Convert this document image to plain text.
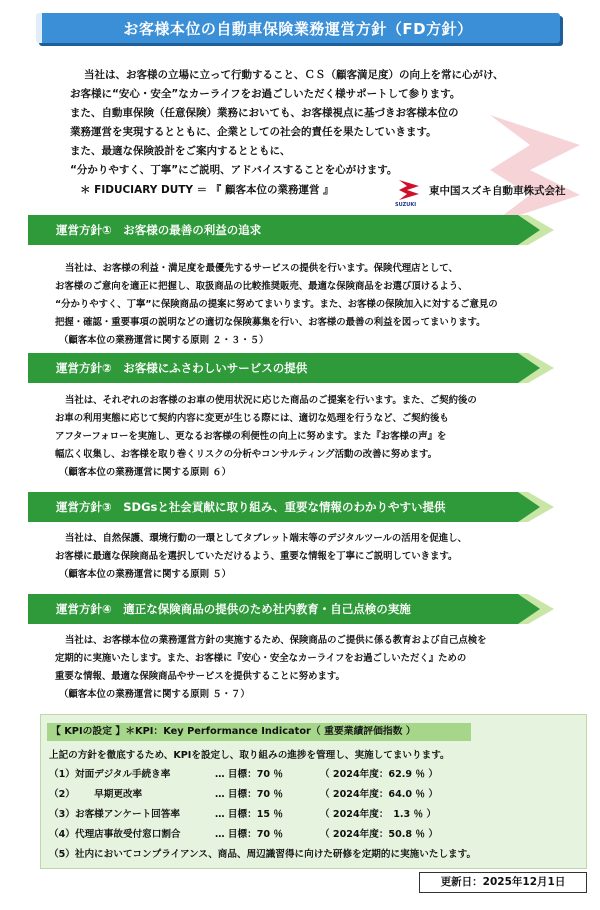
お客様本位の自動車保険業務運営方針（FD方針）
当社は、お客様の立場に立って行動すること、ＣＳ（顧客満足度）の向上を常に心がけ、
お客様に“安心・安全”なカーライフをお過ごしいただく様サポートして参ります。
また、自動車保険（任意保険）業務においても、お客様視点に基づきお客様本位の
業務運営を実現するとともに、企業としての社会的責任を果たしていきます。
また、最適な保険設計をご案内するとともに、
“分かりやすく、丁寧”にご説明、アドバイスすることを心がけます。
＊ FIDUCIARY DUTY ＝ 『 顧客本位の業務運営 』	東中国スズキ自動車株式会社
SUZUKI
運営方針①　お客様の最善の利益の追求
当社は、お客様の利益・満足度を最優先するサービスの提供を行います。保険代理店として、
お客様のご意向を適正に把握し、取扱商品の比較推奨販売、最適な保険商品をお選び頂けるよう、
“分かりやすく、丁寧”に保険商品の提案に努めてまいります。また、お客様の保険加入に対するご意見の
把握・確認・重要事項の説明などの適切な保険募集を行い、お客様の最善の利益を図ってまいります。
（顧客本位の業務運営に関する原則 ２・３・５）
運営方針②　お客様にふさわしいサービスの提供
当社は、それぞれのお客様のお車の使用状況に応じた商品のご提案を行います。また、ご契約後の
お車の利用実態に応じて契約内容に変更が生じる際には、適切な処理を行うなど、ご契約後も
アフターフォローを実施し、更なるお客様の利便性の向上に努めます。また『お客様の声』を
幅広く収集し、お客様を取り巻くリスクの分析やコンサルティング活動の改善に努めます。
（顧客本位の業務運営に関する原則 ６）
運営方針③　SDGsと社会貢献に取り組み、重要な情報のわかりやすい提供
当社は、自然保護、環境行動の一環としてタブレット端末等のデジタルツールの活用を促進し、
お客様に最適な保険商品を選択していただけるよう、重要な情報を丁寧にご説明していきます。
（顧客本位の業務運営に関する原則 ５）
運営方針④　適正な保険商品の提供のため社内教育・自己点検の実施
当社は、お客様本位の業務運営方針の実施するため、保険商品のご提供に係る教育および自己点検を
定期的に実施いたします。また、お客様に『安心・安全なカーライフをお過ごしいただく』ための
重要な情報、最適な保険商品やサービスを提供することに努めます。
（顧客本位の業務運営に関する原則 ５・７）
【 KPIの設定 】＊KPI：Key Performance Indicator（ 重要業績評価指数 ）
上記の方針を徹底するため、KPIを設定し、取り組みの進捗を管理し、実施してまいります。
（1） 対面デジタル手続き率	… 目標：70 ％	（ 2024年度：62.9 ％ ）
（2） 　　早期更改率	… 目標：70 ％	（ 2024年度：64.0 ％ ）
（3） お客様アンケート回答率	… 目標：15 ％	（ 2024年度：　1.3 ％ ）
（4） 代理店事故受付窓口割合	… 目標：70 ％	（ 2024年度：50.8 ％ ）
（5）社内においてコンプライアンス、商品、周辺識習得に向けた研修を定期的に実施いたします。
更新日：2025年12月1日
